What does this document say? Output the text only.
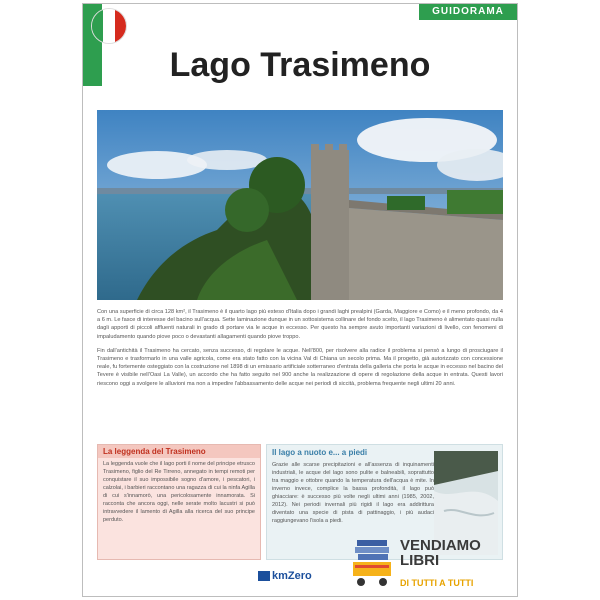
GUIDORAMA
Lago Trasimeno

Con una superficie di circa 128 km², il Trasimeno è il quarto lago più esteso d'Italia dopo i grandi laghi prealpini (Garda, Maggiore e Como) e il meno profondo, da 4 a 6 m. Le fasce di interesse del bacino sull'acqua. Sette laminazione dunque in un sottosistema collinare del fondo scelto, il lago Trasimeno è alimentato quasi nulla dagli apporti di piccoli affluenti naturali in grado di portare via le acque in eccesso. Per questo ha sempre avuto importanti variazioni di livello, con fenomeni di impaludamento quando piove poco o devastanti allagamenti quando piove troppo.

Fin dall'antichità il Trasimeno ha cercato, senza successo, di regolare le acque. Nell'800, per risolvere alla radice il problema si pensò a lungo di prosciugare il Trasimeno e trasformarlo in una valle agricola, come era stato fatto con la vicina Val di Chiana un secolo prima. Ma il progetto, già autorizzato con concessione reale, fu fortemente osteggiato con la costruzione nel 1898 di un emissario artificiale sotterraneo d'entrata della galleria che porta le acque in eccesso nel bacino del Tevere è visibile nell'Oasi La Valle), un accordo che ha fatto seguito nel 900 anche la realizzazione di opere di regolazione della acque in entrata. Questi lavori riescono oggi a svolgere le alluvioni ma non a impedire l'abbassamento delle acque nei periodi di siccità, problema frequente negli ultimi 20 anni.

La leggenda del Trasimeno
La leggenda vuole che il lago porti il nome del principe etrusco Trasimeno, figlio del Re Tirreno, annegato in tempi remoti per conquistare il suo impossibile sogno d'amore, i pescatori, i calzolai, i barbieri raccontano una ragazza di cui la ninfa Agilla di cui s'innamorò, una pericolosamente innamorata. Si racconta che ancora oggi, nelle serate molto lacustri si può intravvedere il lamento di Agilla alla ricerca del suo principe perduto.
Il lago a nuoto e... a piedi
Grazie alle scarse precipitazioni e all'assenza di inquinamenti industriali, le acque del lago sono pulite e balneabili, soprattutto tra maggio e ottobre quando la temperatura dell'acqua è mite. In inverno invece, complice la bassa profondità, il lago può ghiacciare: è successo più volte negli ultimi anni (1985, 2002, 2012). Nei periodi invernali più rigidi il lago era addirittura diventato una specie di pista di pattinaggio, i più audaci raggiungevano l'isola a piedi.
kmZero
VENDIAMO LIBRI
DI TUTTI A TUTTI
